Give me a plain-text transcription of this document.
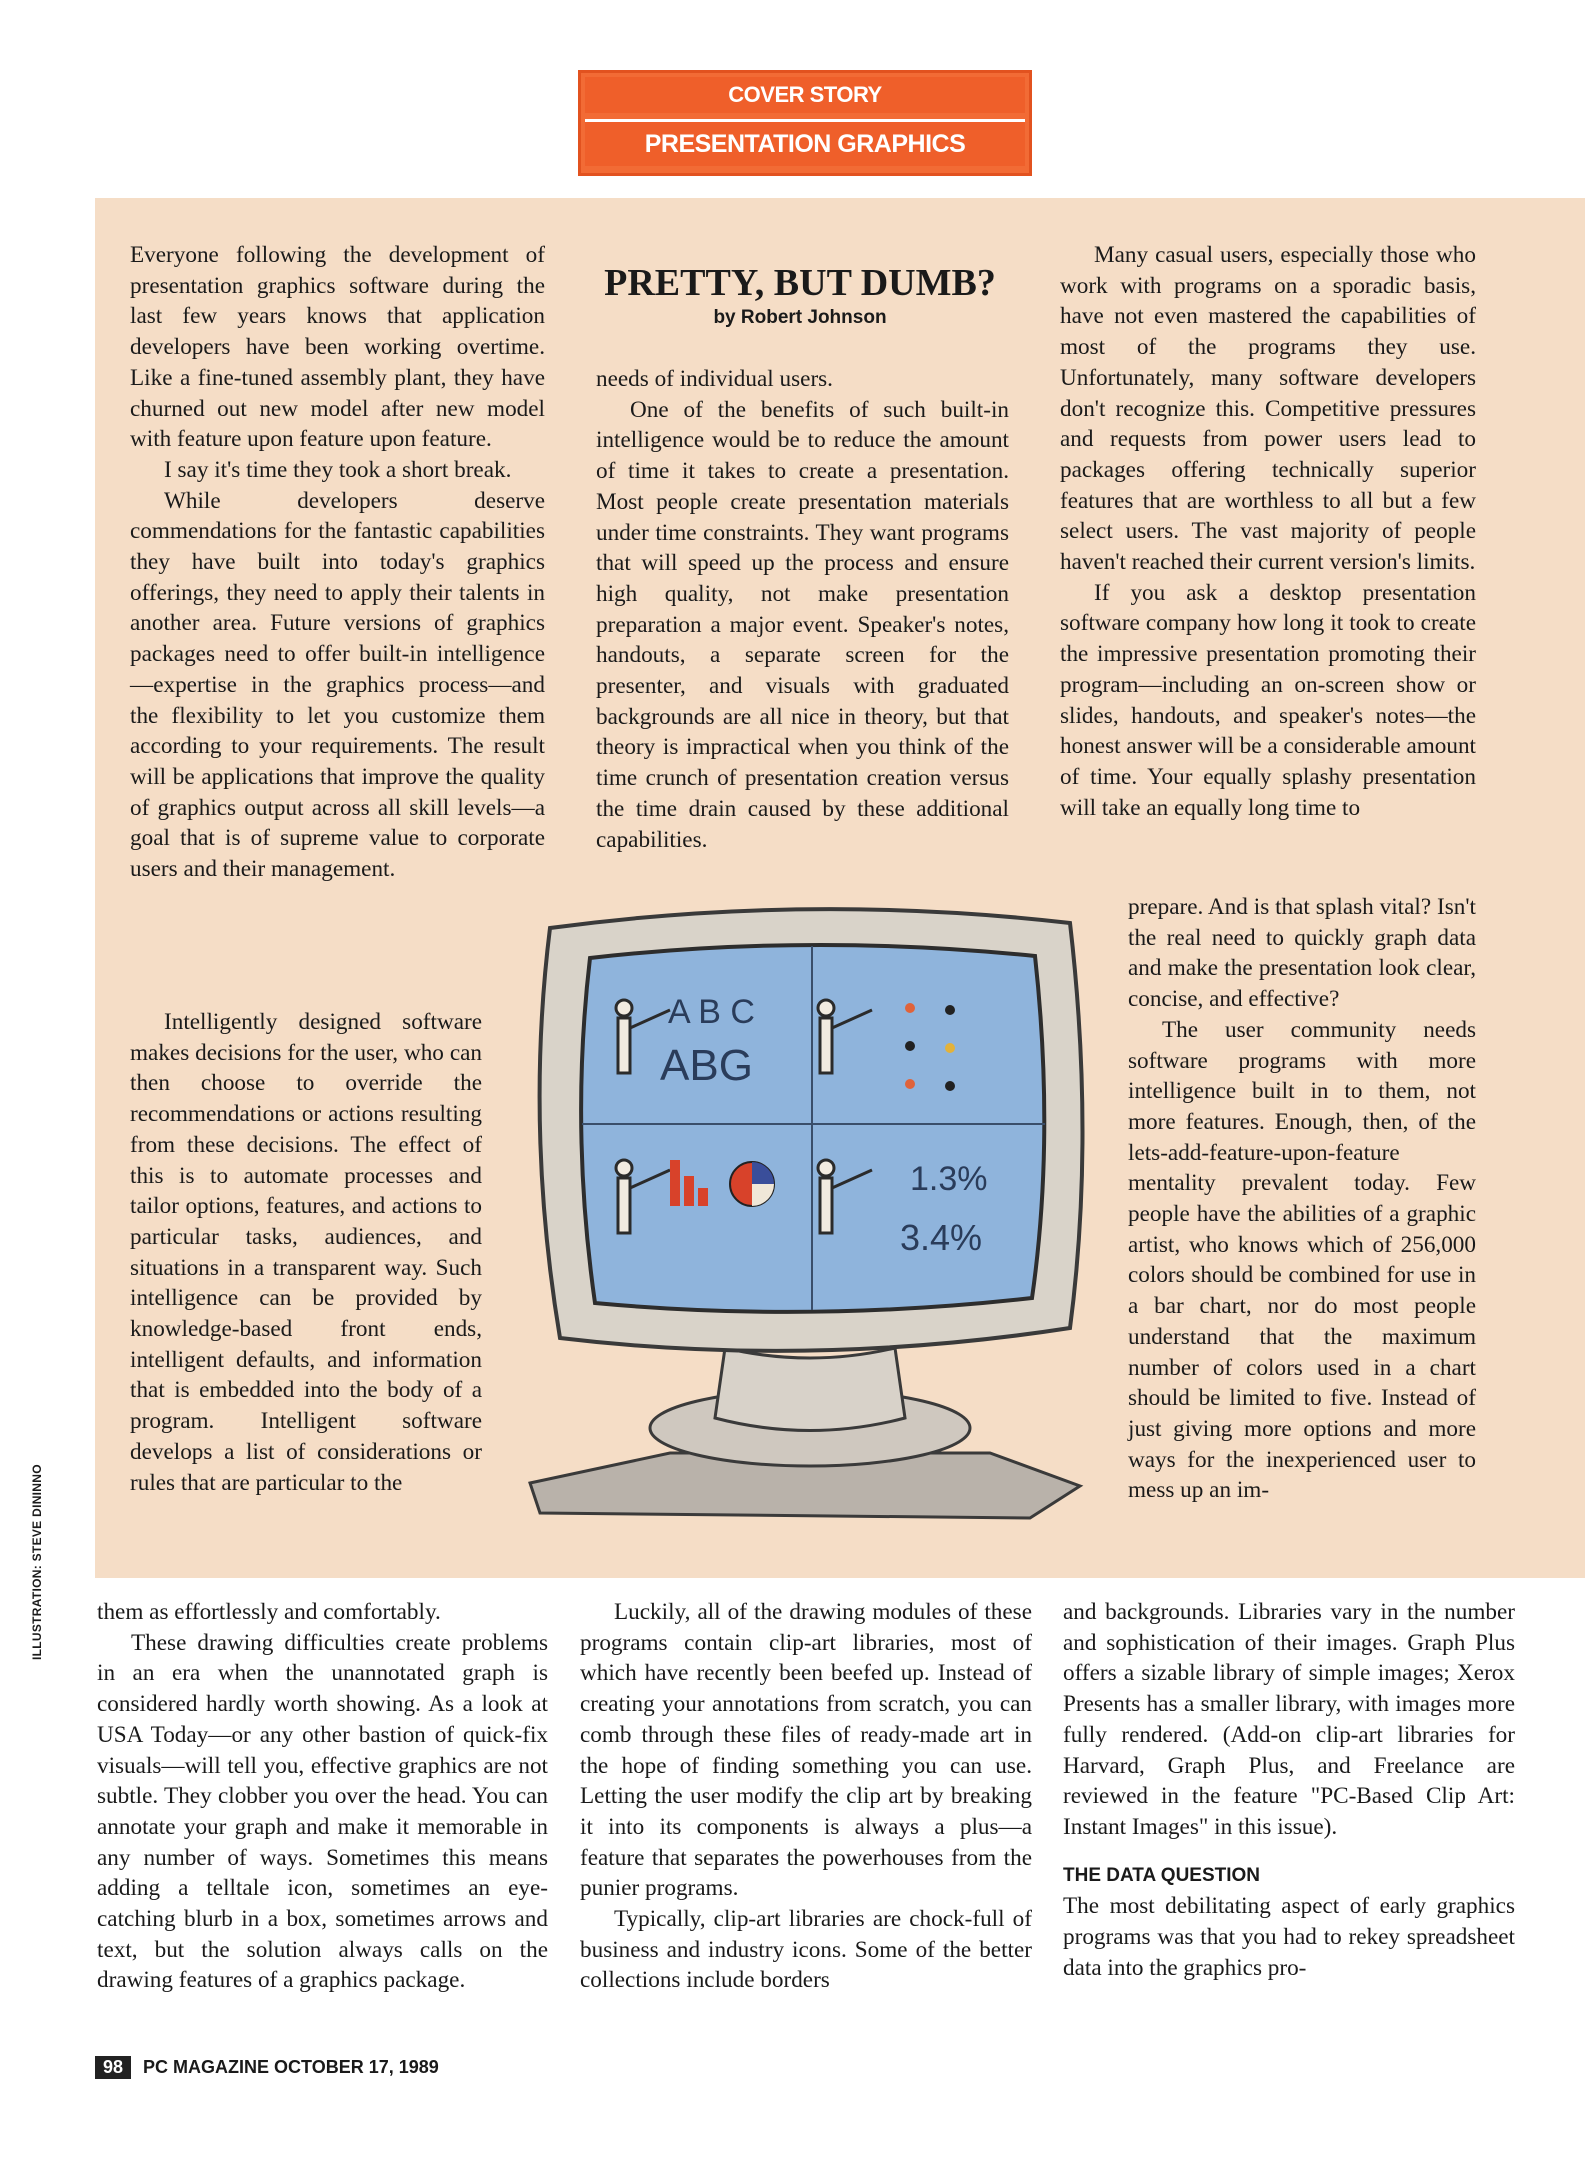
COVER STORY
PRESENTATION GRAPHICS
ILLUSTRATION: STEVE DININNO

Everyone following the development of presentation graphics software during the last few years knows that application developers have been working overtime. Like a fine-tuned assembly plant, they have churned out new model after new model with feature upon feature upon feature.

I say it's time they took a short break.

While developers deserve commendations for the fantastic capabilities they have built into today's graphics offerings, they need to apply their talents in another area. Future versions of graphics packages need to offer built-in intelligence—expertise in the graphics process—and the flexibility to let you customize them according to your requirements. The result will be applications that improve the quality of graphics output across all skill levels—a goal that is of supreme value to corporate users and their management.

Intelligently designed software makes decisions for the user, who can then choose to override the recommendations or actions resulting from these decisions. The effect of this is to automate processes and tailor options, features, and actions to particular tasks, audiences, and situations in a transparent way. Such intelligence can be provided by knowledge-based front ends, intelligent defaults, and information that is embedded into the body of a program. Intelligent software develops a list of considerations or rules that are particular to the

PRETTY, BUT DUMB?
by Robert Johnson

needs of individual users.

One of the benefits of such built-in intelligence would be to reduce the amount of time it takes to create a presentation. Most people create presentation materials under time constraints. They want programs that will speed up the process and ensure high quality, not make presentation preparation a major event. Speaker's notes, handouts, a separate screen for the presenter, and visuals with graduated backgrounds are all nice in theory, but that theory is impractical when you think of the time crunch of presentation creation versus the time drain caused by these additional capabilities.

Many casual users, especially those who work with programs on a sporadic basis, have not even mastered the capabilities of most of the programs they use. Unfortunately, many software developers don't recognize this. Competitive pressures and requests from power users lead to packages offering technically superior features that are worthless to all but a few select users. The vast majority of people haven't reached their current version's limits.

If you ask a desktop presentation software company how long it took to create the impressive presentation promoting their program—including an on-screen show or slides, handouts, and speaker's notes—the honest answer will be a considerable amount of time. Your equally splashy presentation will take an equally long time to

prepare. And is that splash vital? Isn't the real need to quickly graph data and make the presentation look clear, concise, and effective?

The user community needs software programs with more intelligence built in to them, not more features. Enough, then, of the lets-add-feature-upon-feature mentality prevalent today. Few people have the abilities of a graphic artist, who knows which of 256,000 colors should be combined for use in a bar chart, nor do most people understand that the maximum number of colors used in a chart should be limited to five. Instead of just giving more options and more ways for the inexperienced user to mess up an im-

A B C
ABG
1.3%
3.4%

them as effortlessly and comfortably.

These drawing difficulties create problems in an era when the unannotated graph is considered hardly worth showing. As a look at USA Today—or any other bastion of quick-fix visuals—will tell you, effective graphics are not subtle. They clobber you over the head. You can annotate your graph and make it memorable in any number of ways. Sometimes this means adding a telltale icon, sometimes an eye-catching blurb in a box, sometimes arrows and text, but the solution always calls on the drawing features of a graphics package.

Luckily, all of the drawing modules of these programs contain clip-art libraries, most of which have recently been beefed up. Instead of creating your annotations from scratch, you can comb through these files of ready-made art in the hope of finding something you can use. Letting the user modify the clip art by breaking it into its components is always a plus—a feature that separates the powerhouses from the punier programs.

Typically, clip-art libraries are chock-full of business and industry icons. Some of the better collections include borders

and backgrounds. Libraries vary in the number and sophistication of their images. Graph Plus offers a sizable library of simple images; Xerox Presents has a smaller library, with images more fully rendered. (Add-on clip-art libraries for Harvard, Graph Plus, and Freelance are reviewed in the feature "PC-Based Clip Art: Instant Images" in this issue).

THE DATA QUESTION

The most debilitating aspect of early graphics programs was that you had to rekey spreadsheet data into the graphics pro-

98	PC MAGAZINE OCTOBER 17, 1989
